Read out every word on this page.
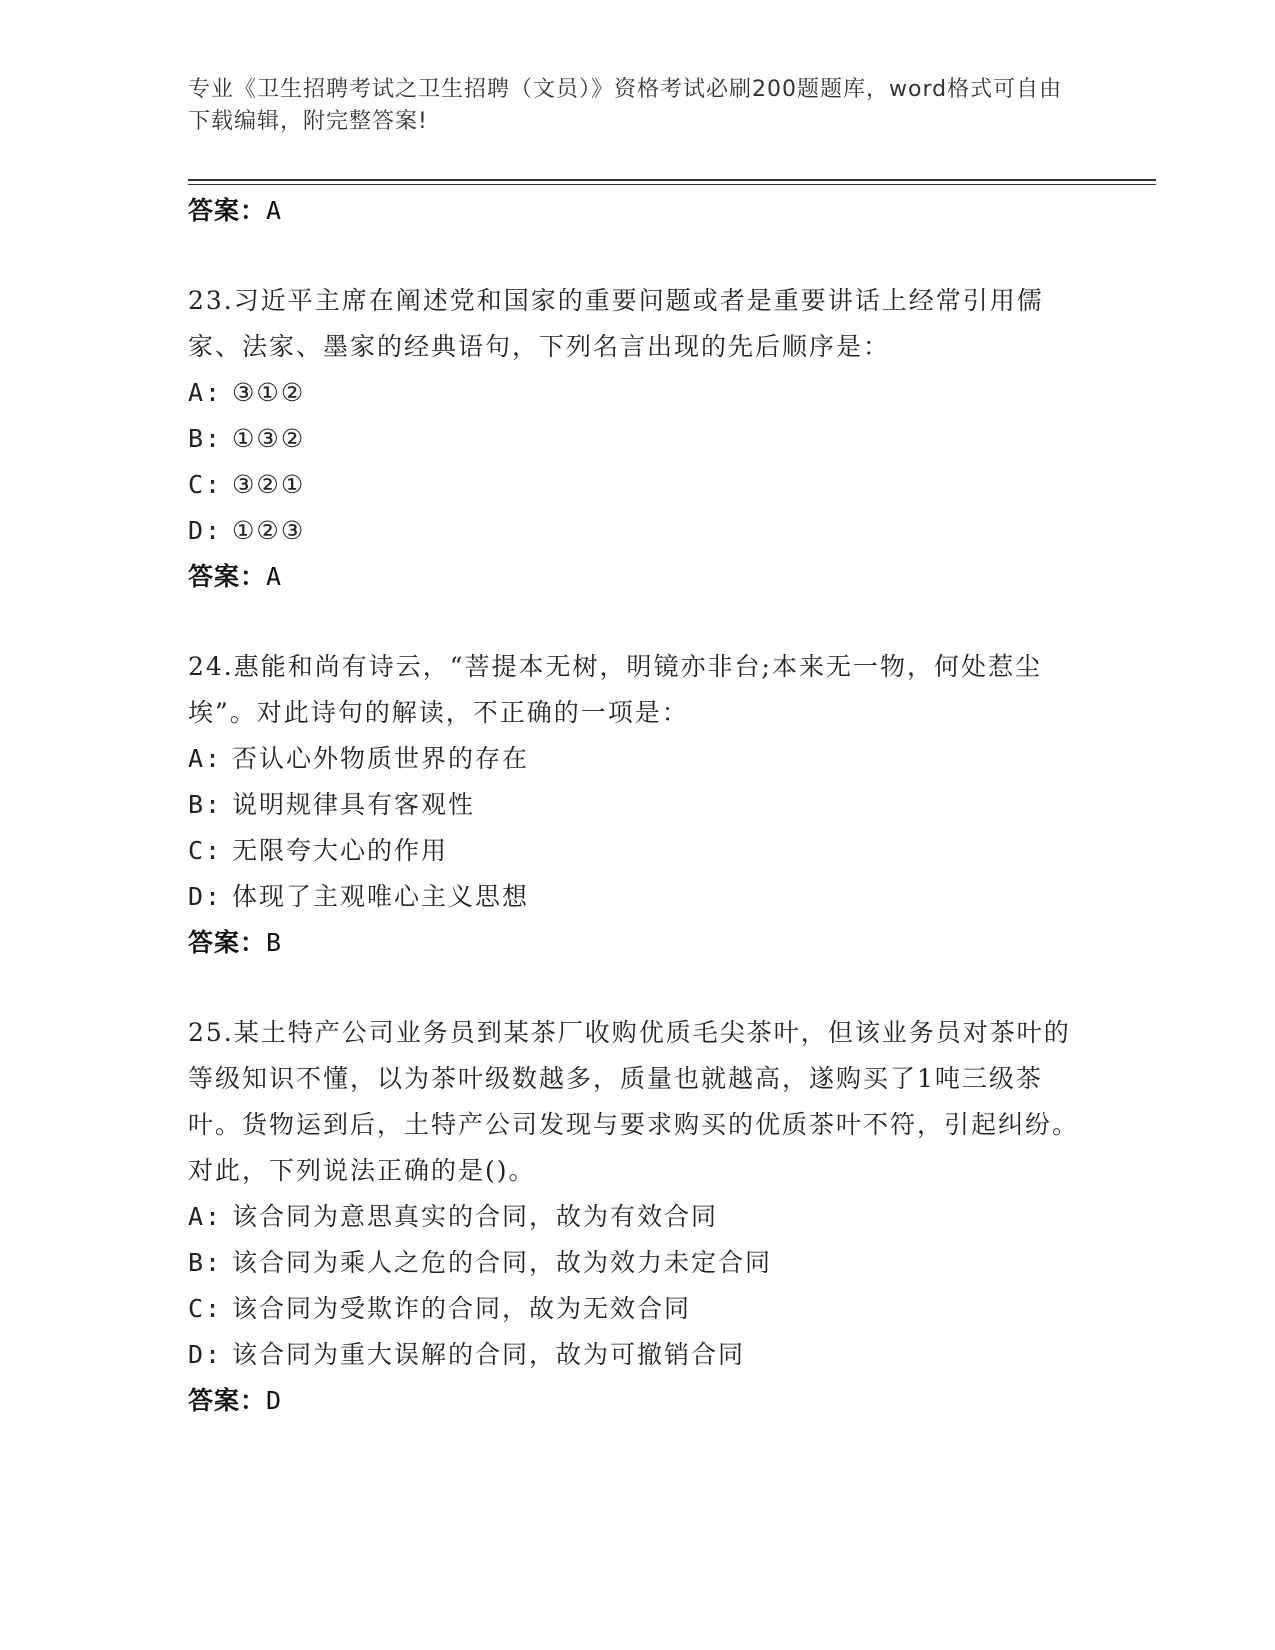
专业《卫生招聘考试之卫生招聘（文员）》资格考试必刷200题题库，word格式可自由下载编辑，附完整答案!
答案：A
23.习近平主席在阐述党和国家的重要问题或者是重要讲话上经常引用儒家、法家、墨家的经典语句，下列名言出现的先后顺序是：
A: ③①②
B: ①③②
C: ③②①
D: ①②③
答案：A
24.惠能和尚有诗云，“菩提本无树，明镜亦非台;本来无一物，何处惹尘埃”。对此诗句的解读，不正确的一项是：
A: 否认心外物质世界的存在
B: 说明规律具有客观性
C: 无限夸大心的作用
D: 体现了主观唯心主义思想
答案：B
25.某土特产公司业务员到某茶厂收购优质毛尖茶叶，但该业务员对茶叶的等级知识不懂，以为茶叶级数越多，质量也就越高，遂购买了1吨三级茶叶。货物运到后，土特产公司发现与要求购买的优质茶叶不符，引起纠纷。对此，下列说法正确的是()。
A: 该合同为意思真实的合同，故为有效合同
B: 该合同为乘人之危的合同，故为效力未定合同
C: 该合同为受欺诈的合同，故为无效合同
D: 该合同为重大误解的合同，故为可撤销合同
答案：D
